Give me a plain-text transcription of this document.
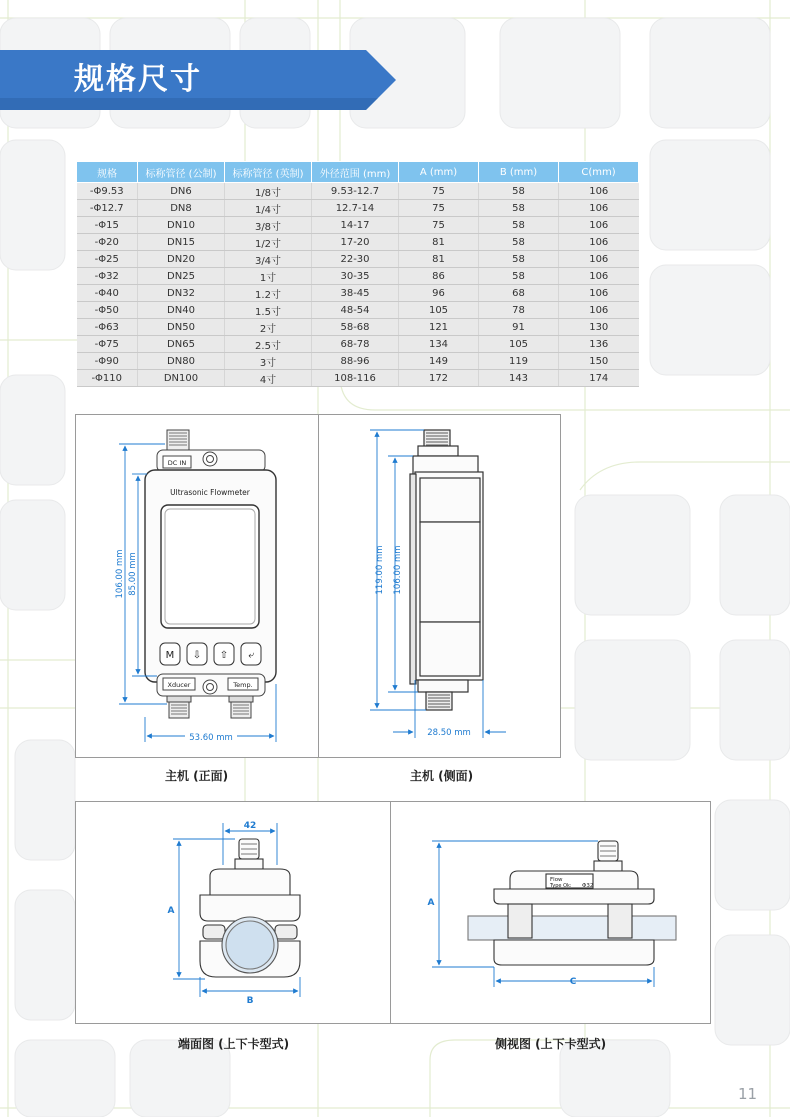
规格尺寸
规格	标称管径 (公制)	标称管径 (英制)	外径范围 (mm)	A (mm)	B (mm)	C(mm)
-Φ9.53	DN6	1/8寸	9.53-12.7	75	58	106
-Φ12.7	DN8	1/4寸	12.7-14	75	58	106
-Φ15	DN10	3/8寸	14-17	75	58	106
-Φ20	DN15	1/2寸	17-20	81	58	106
-Φ25	DN20	3/4寸	22-30	81	58	106
-Φ32	DN25	1寸	30-35	86	58	106
-Φ40	DN32	1.2寸	38-45	96	68	106
-Φ50	DN40	1.5寸	48-54	105	78	106
-Φ63	DN50	2寸	58-68	121	91	130
-Φ75	DN65	2.5寸	68-78	134	105	136
-Φ90	DN80	3寸	88-96	149	119	150
-Φ110	DN100	4寸	108-116	172	143	174
DC IN
Ultrasonic Flowmeter
M ⇩ ⇧ ⤶
Xducer	Temp.
106.00 mm 85.00 mm
53.60 mm
主机 (正面)
119.00 mm 106.00 mm
28.50 mm
主机 (侧面)
42
A
B
端面图 (上下卡型式)
Flow
Type Ok: Φ32
A
C
侧视图 (上下卡型式)
11
